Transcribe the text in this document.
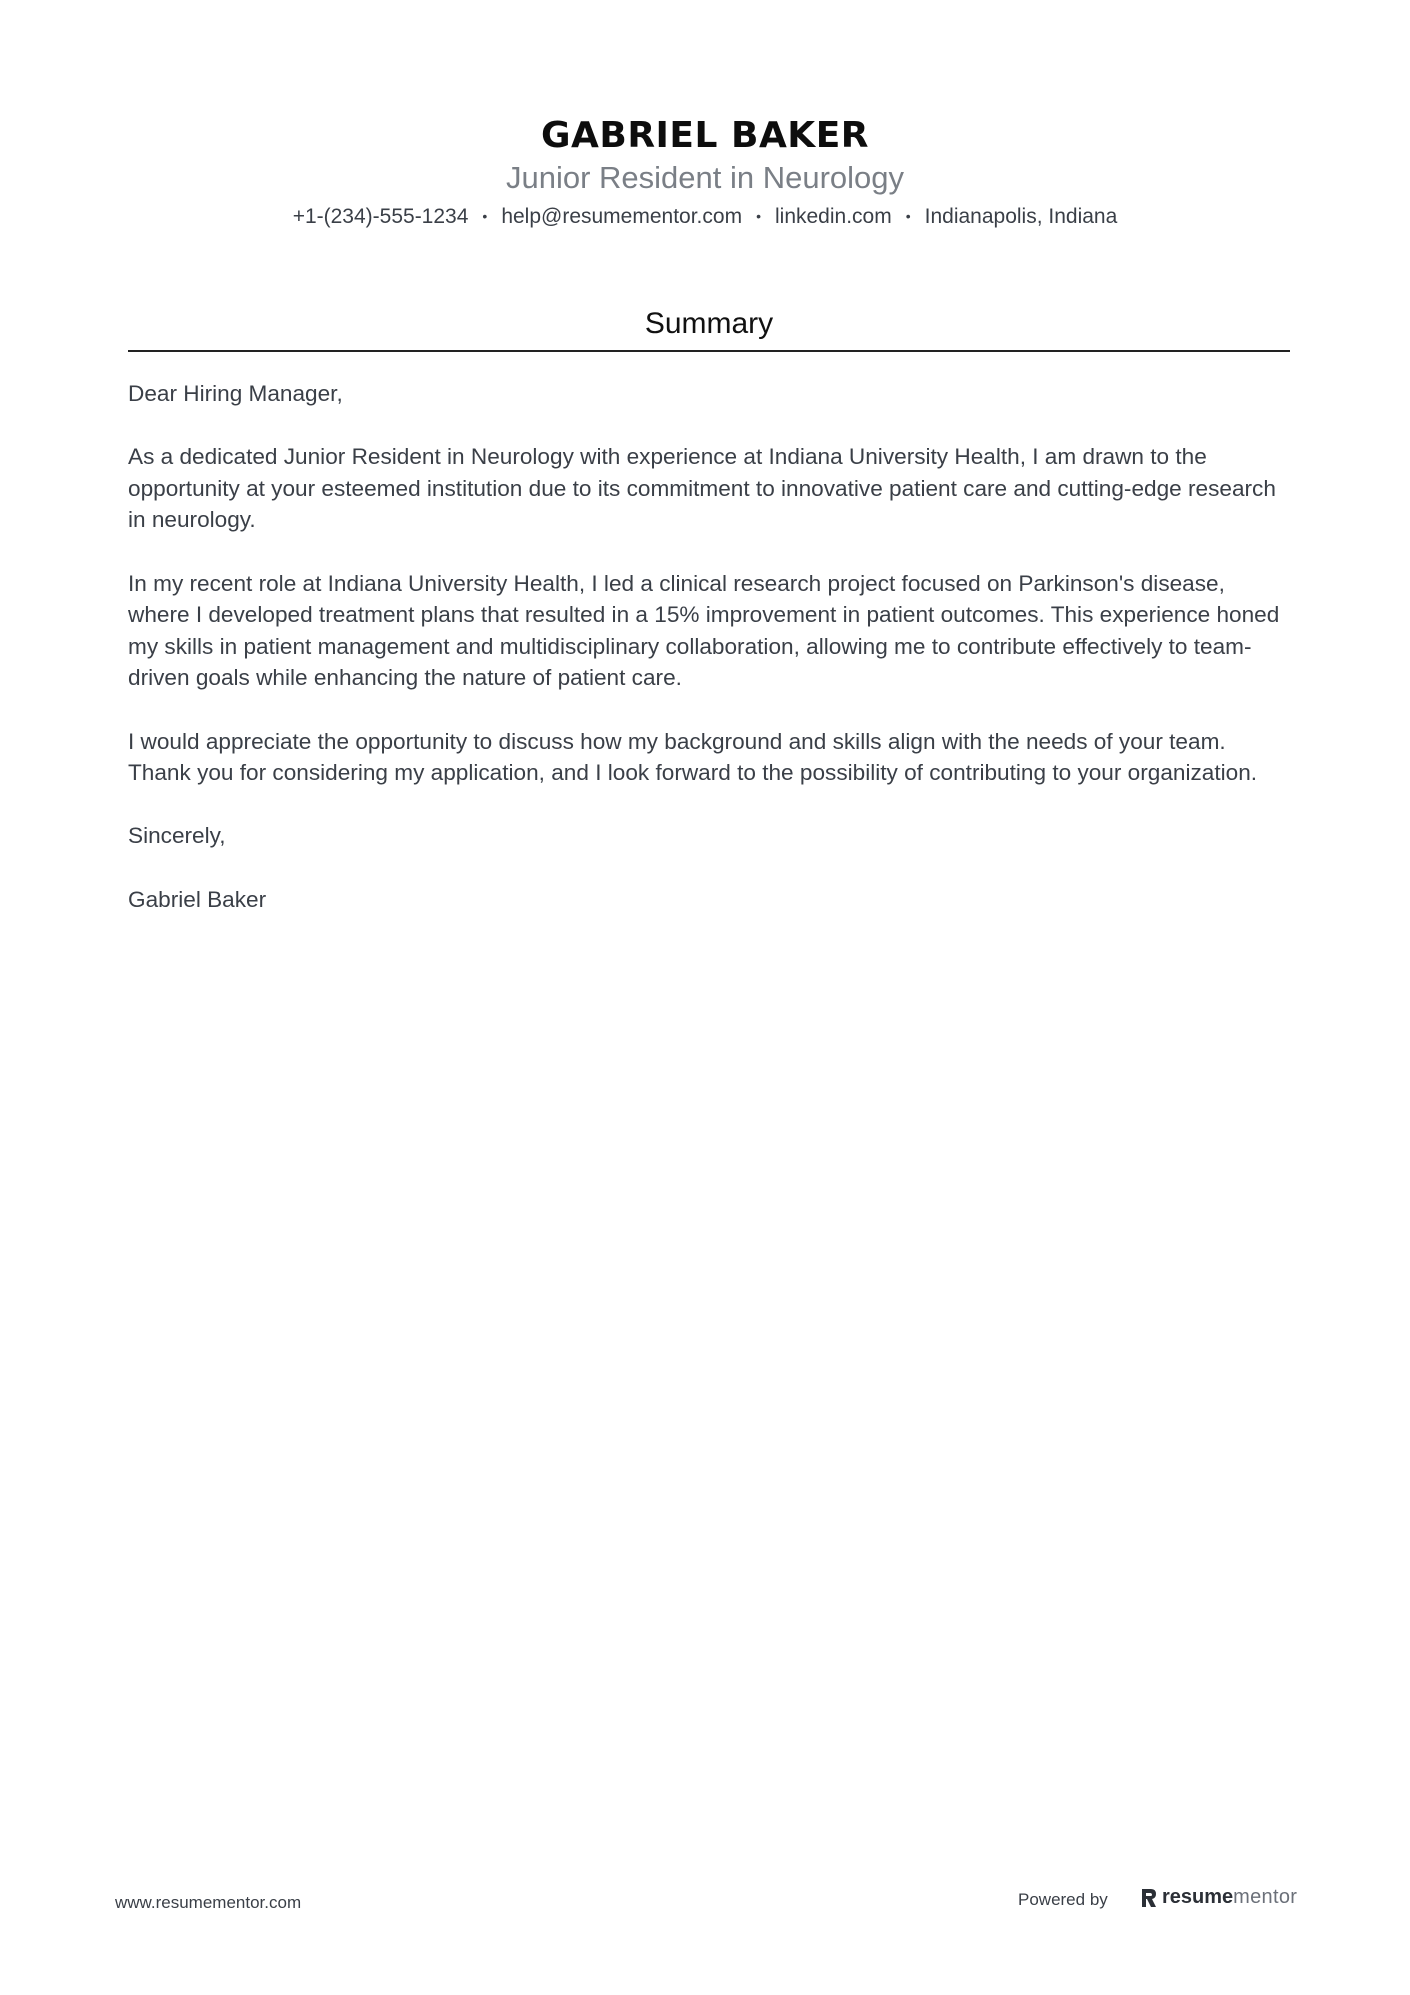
GABRIEL BAKER
Junior Resident in Neurology
+1-(234)-555-1234 • help@resumementor.com • linkedin.com • Indianapolis, Indiana
Summary

Dear Hiring Manager,

As a dedicated Junior Resident in Neurology with experience at Indiana University Health, I am drawn to the opportunity at your esteemed institution due to its commitment to innovative patient care and cutting-edge research in neurology.

In my recent role at Indiana University Health, I led a clinical research project focused on Parkinson's disease, where I developed treatment plans that resulted in a 15% improvement in patient outcomes. This experience honed my skills in patient management and multidisciplinary collaboration, allowing me to contribute effectively to team-driven goals while enhancing the nature of patient care.

I would appreciate the opportunity to discuss how my background and skills align with the needs of your team. Thank you for considering my application, and I look forward to the possibility of contributing to your organization.

Sincerely,

Gabriel Baker

www.resumementor.com	Powered by	resume mentor
